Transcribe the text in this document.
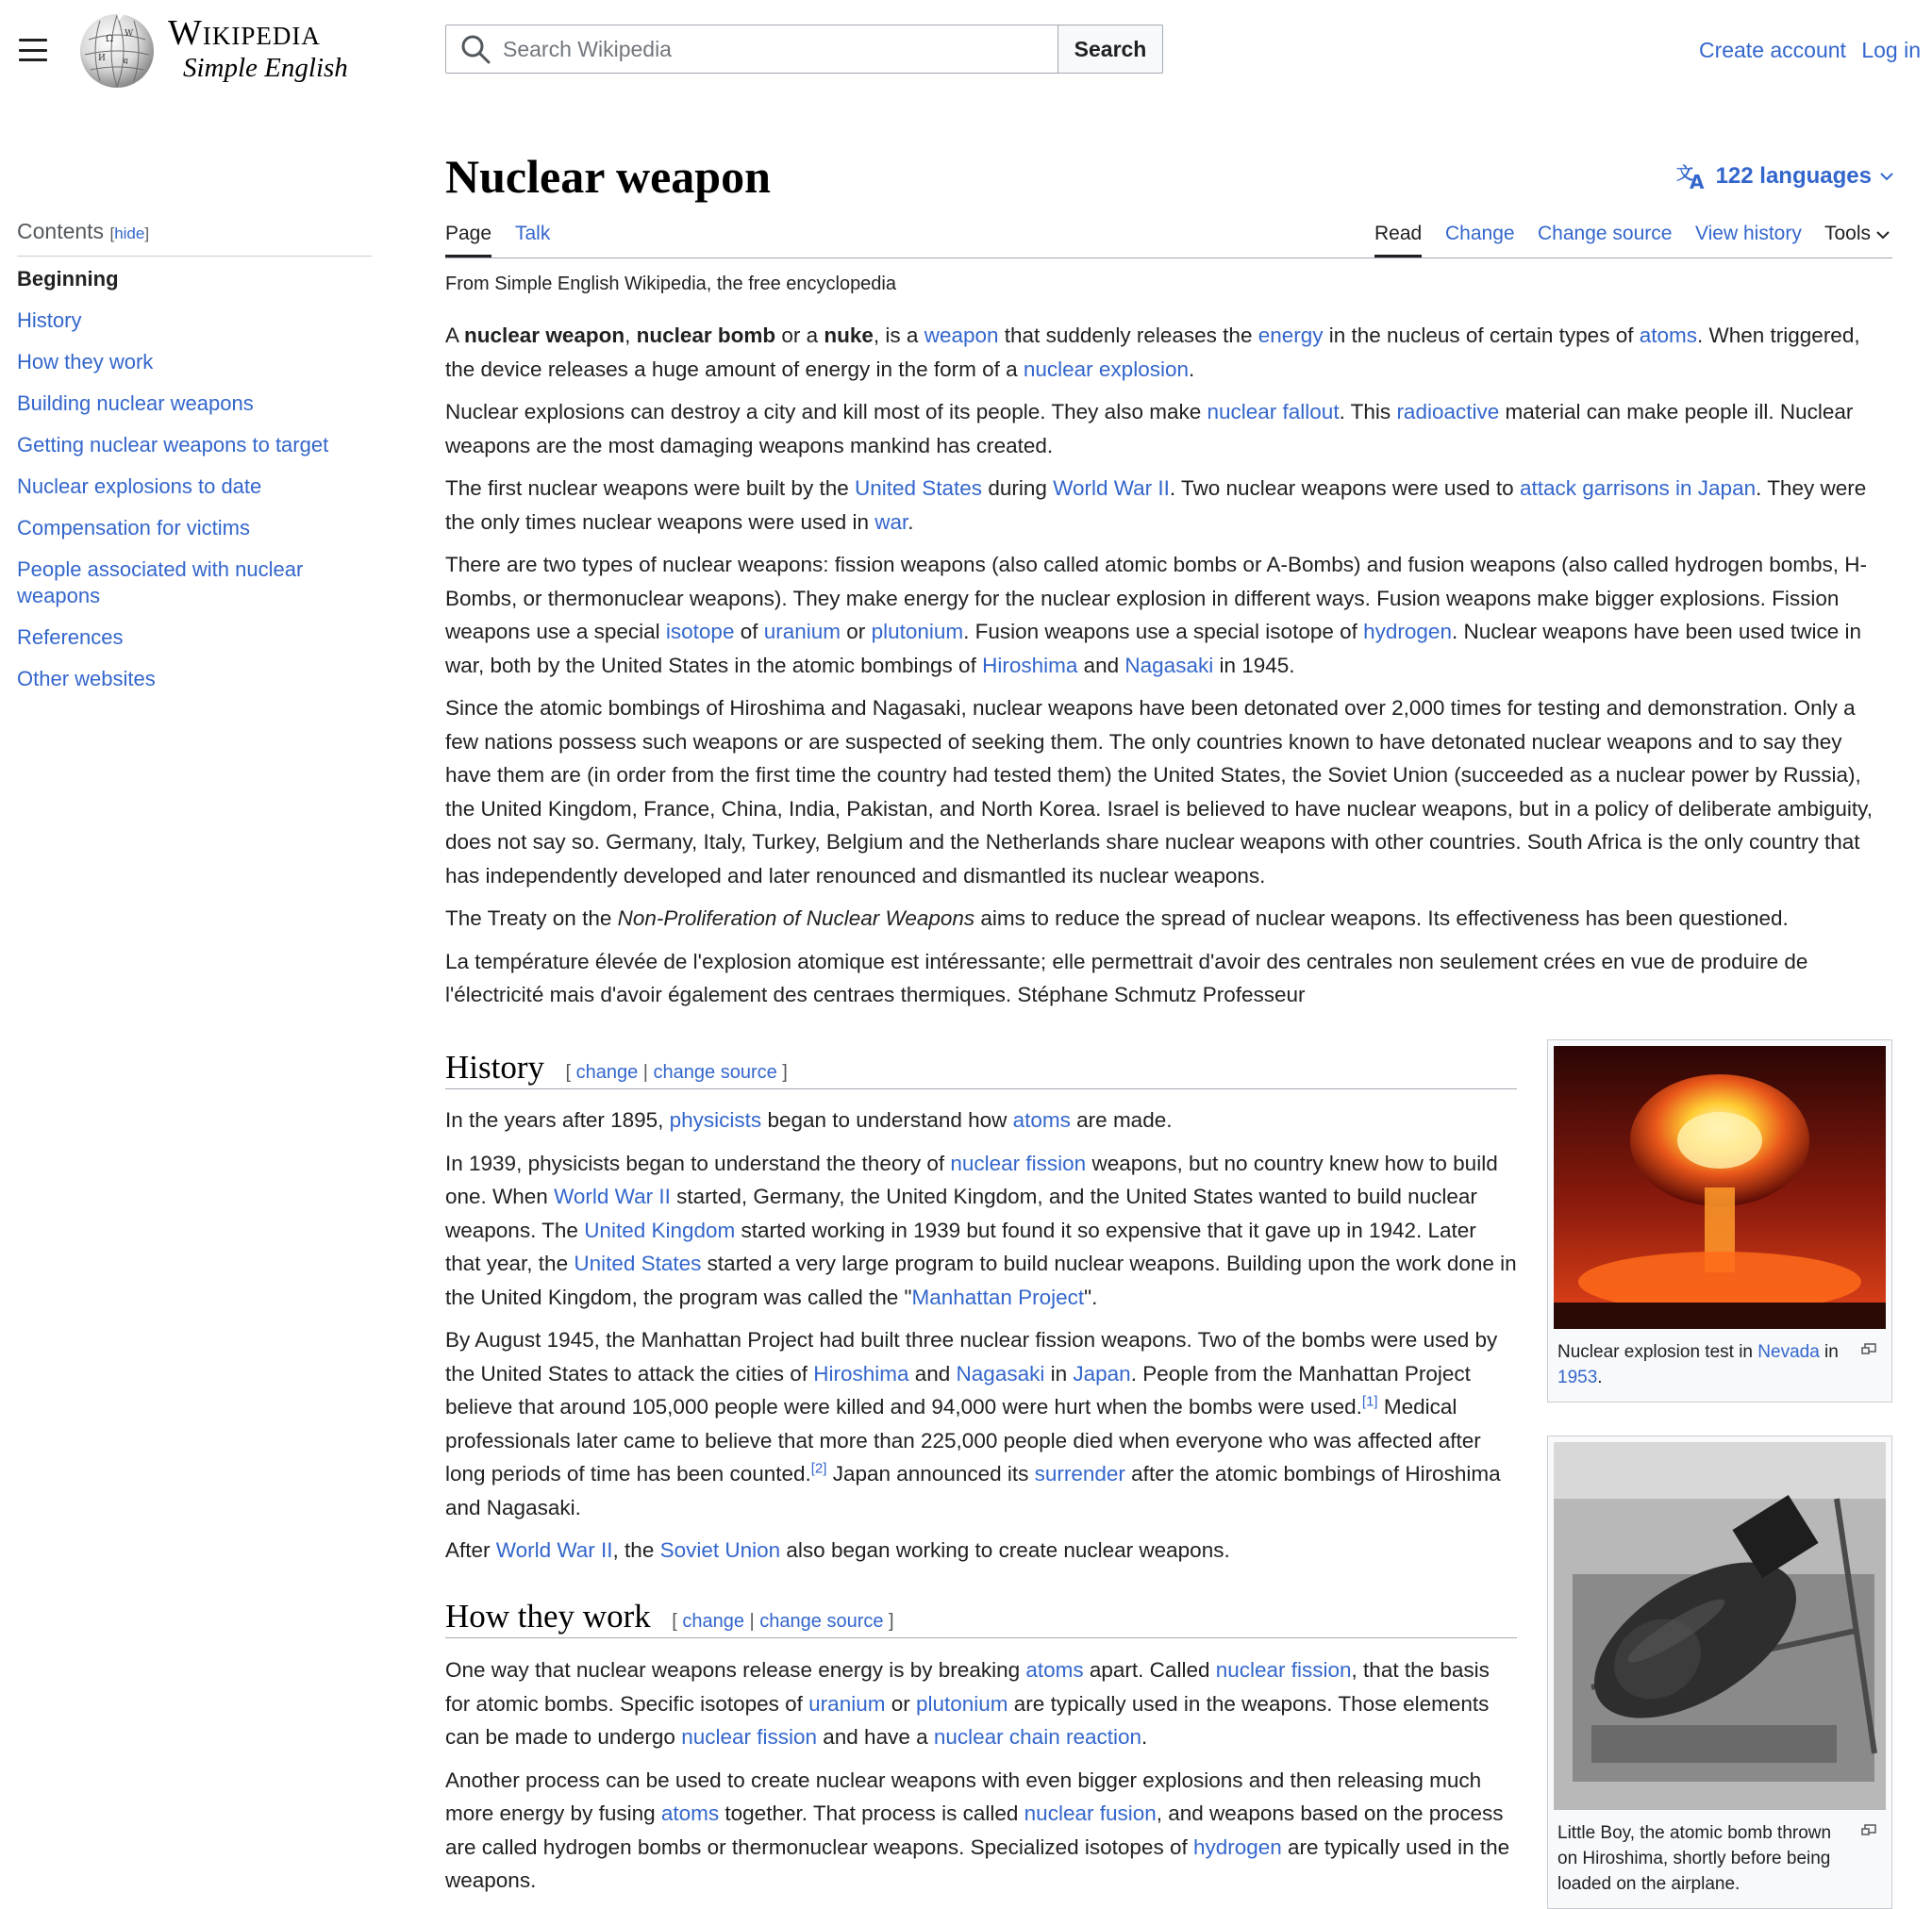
Ω W
И ध
Wikipedia
Simple English
Search Wikipedia
Search	Create account Log in
Contents [hide]
Beginning
History
How they work
Building nuclear weapons
Getting nuclear weapons to target
Nuclear explosions to date
Compensation for victims
People associated with nuclear weapons
References
Other websites
Nuclear weapon	文
A 122 languages
Page Talk	Read Change Change source View history Tools
From Simple English Wikipedia, the free encyclopedia

A nuclear weapon, nuclear bomb or a nuke, is a weapon that suddenly releases the energy in the nucleus of certain types of atoms. When triggered, the device releases a huge amount of energy in the form of a nuclear explosion.

Nuclear explosions can destroy a city and kill most of its people. They also make nuclear fallout. This radioactive material can make people ill. Nuclear weapons are the most damaging weapons mankind has created.

The first nuclear weapons were built by the United States during World War II. Two nuclear weapons were used to attack garrisons in Japan. They were the only times nuclear weapons were used in war.

There are two types of nuclear weapons: fission weapons (also called atomic bombs or A-Bombs) and fusion weapons (also called hydrogen bombs, H-Bombs, or thermonuclear weapons). They make energy for the nuclear explosion in different ways. Fusion weapons make bigger explosions. Fission weapons use a special isotope of uranium or plutonium. Fusion weapons use a special isotope of hydrogen. Nuclear weapons have been used twice in war, both by the United States in the atomic bombings of Hiroshima and Nagasaki in 1945.

Since the atomic bombings of Hiroshima and Nagasaki, nuclear weapons have been detonated over 2,000 times for testing and demonstration. Only a few nations possess such weapons or are suspected of seeking them. The only countries known to have detonated nuclear weapons and to say they have them are (in order from the first time the country had tested them) the United States, the Soviet Union (succeeded as a nuclear power by Russia), the United Kingdom, France, China, India, Pakistan, and North Korea. Israel is believed to have nuclear weapons, but in a policy of deliberate ambiguity, does not say so. Germany, Italy, Turkey, Belgium and the Netherlands share nuclear weapons with other countries. South Africa is the only country that has independently developed and later renounced and dismantled its nuclear weapons.

The Treaty on the Non-Proliferation of Nuclear Weapons aims to reduce the spread of nuclear weapons. Its effectiveness has been questioned.

La température élevée de l'explosion atomique est intéressante; elle permettrait d'avoir des centrales non seulement crées en vue de produire de l'électricité mais d'avoir également des centraes thermiques. Stéphane Schmutz Professeur

History [ change | change source ]

In the years after 1895, physicists began to understand how atoms are made.

In 1939, physicists began to understand the theory of nuclear fission weapons, but no country knew how to build one. When World War II started, Germany, the United Kingdom, and the United States wanted to build nuclear weapons. The United Kingdom started working in 1939 but found it so expensive that it gave up in 1942. Later that year, the United States started a very large program to build nuclear weapons. Building upon the work done in the United Kingdom, the program was called the "Manhattan Project".

By August 1945, the Manhattan Project had built three nuclear fission weapons. Two of the bombs were used by the United States to attack the cities of Hiroshima and Nagasaki in Japan. People from the Manhattan Project believe that around 105,000 people were killed and 94,000 were hurt when the bombs were used.[1] Medical professionals later came to believe that more than 225,000 people died when everyone who was affected after long periods of time has been counted.[2] Japan announced its surrender after the atomic bombings of Hiroshima and Nagasaki.

After World War II, the Soviet Union also began working to create nuclear weapons.

How they work [ change | change source ]

One way that nuclear weapons release energy is by breaking atoms apart. Called nuclear fission, that the basis for atomic bombs. Specific isotopes of uranium or plutonium are typically used in the weapons. Those elements can be made to undergo nuclear fission and have a nuclear chain reaction.

Another process can be used to create nuclear weapons with even bigger explosions and then releasing much more energy by fusing atoms together. That process is called nuclear fusion, and weapons based on the process are called hydrogen bombs or thermonuclear weapons. Specialized isotopes of hydrogen are typically used in the weapons.

Nuclear explosion test in Nevada in 1953.
Little Boy, the atomic bomb thrown on Hiroshima, shortly before being loaded on the airplane.
